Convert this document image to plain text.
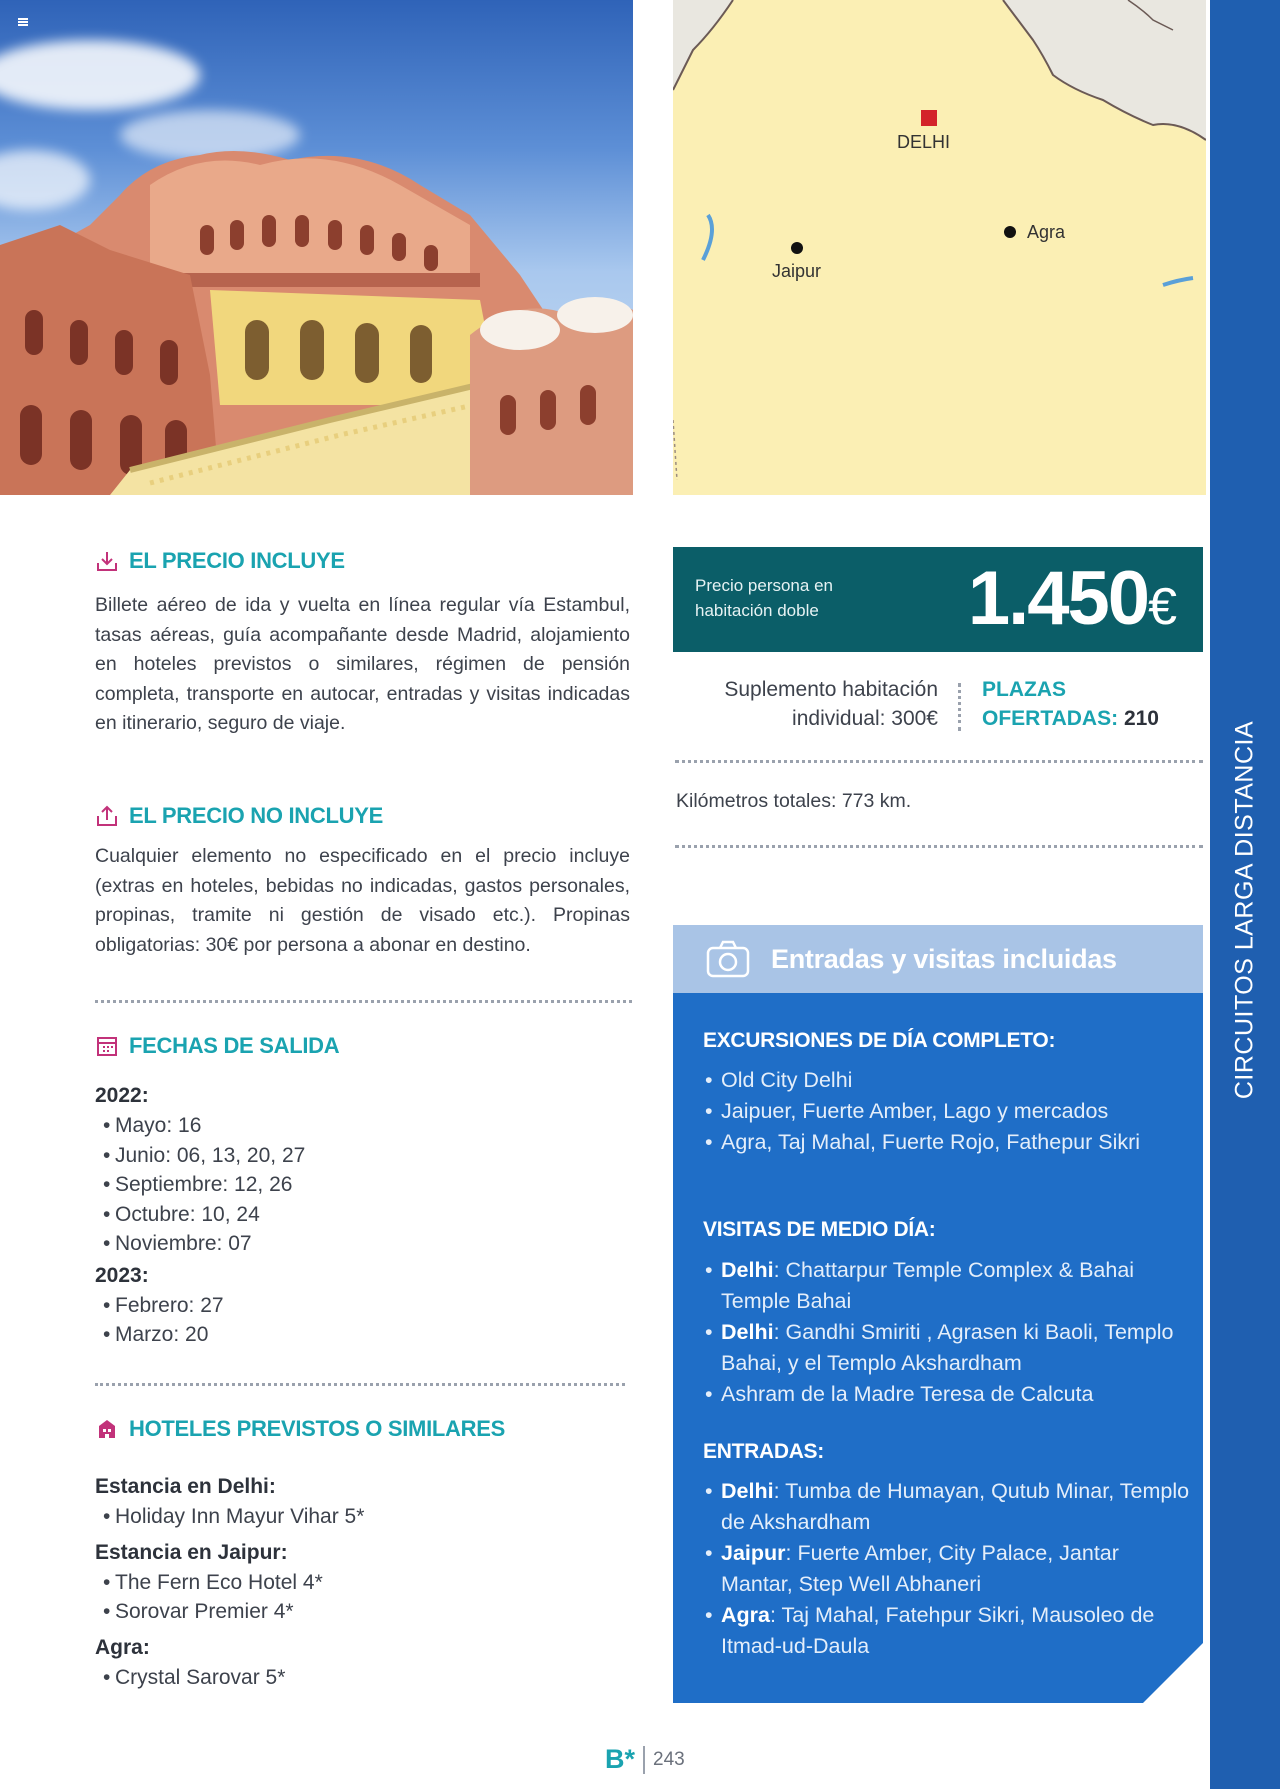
DELHI
Agra
Jaipur
CIRCUITOS LARGA DISTANCIA
EL PRECIO INCLUYE
Billete aéreo de ida y vuelta en línea regular vía Estambul, tasas aéreas, guía acompañante desde Madrid, alojamiento en hoteles previstos o similares, régimen de pensión completa, transporte en autocar, entradas y visitas indicadas en itinerario, seguro de viaje.
EL PRECIO NO INCLUYE
Cualquier elemento no especificado en el precio incluye (extras en hoteles, bebidas no indicadas, gastos personales, propinas, tramite ni gestión de visado etc.). Propinas obligatorias: 30€ por persona a abonar en destino.
FECHAS DE SALIDA
2022:
• Mayo: 16
• Junio: 06, 13, 20, 27
• Septiembre: 12, 26
• Octubre: 10, 24
• Noviembre: 07
2023:
• Febrero: 27
• Marzo: 20
HOTELES PREVISTOS O SIMILARES
Estancia en Delhi:
• Holiday Inn Mayur Vihar 5*
Estancia en Jaipur:
• The Fern Eco Hotel 4*
• Sorovar Premier 4*
Agra:
• Crystal Sarovar 5*
Precio persona en habitación doble	1.450€
Suplemento habitación
individual: 300€
PLAZAS
OFERTADAS: 210
Kilómetros totales: 773 km.
Entradas y visitas incluidas
EXCURSIONES DE DÍA COMPLETO:
• Old City Delhi
• Jaipuer, Fuerte Amber, Lago y mercados
• Agra, Taj Mahal, Fuerte Rojo, Fathepur Sikri
VISITAS DE MEDIO DÍA:
• Delhi: Chattarpur Temple Complex & Bahai Temple Bahai
• Delhi: Gandhi Smiriti , Agrasen ki Baoli, Templo Bahai, y el Templo Akshardham
• Ashram de la Madre Teresa de Calcuta
ENTRADAS:
• Delhi: Tumba de Humayan, Qutub Minar, Templo de Akshardham
• Jaipur: Fuerte Amber, City Palace, Jantar Mantar, Step Well Abhaneri
• Agra: Taj Mahal, Fatehpur Sikri, Mausoleo de Itmad-ud-Daula
B* 243
